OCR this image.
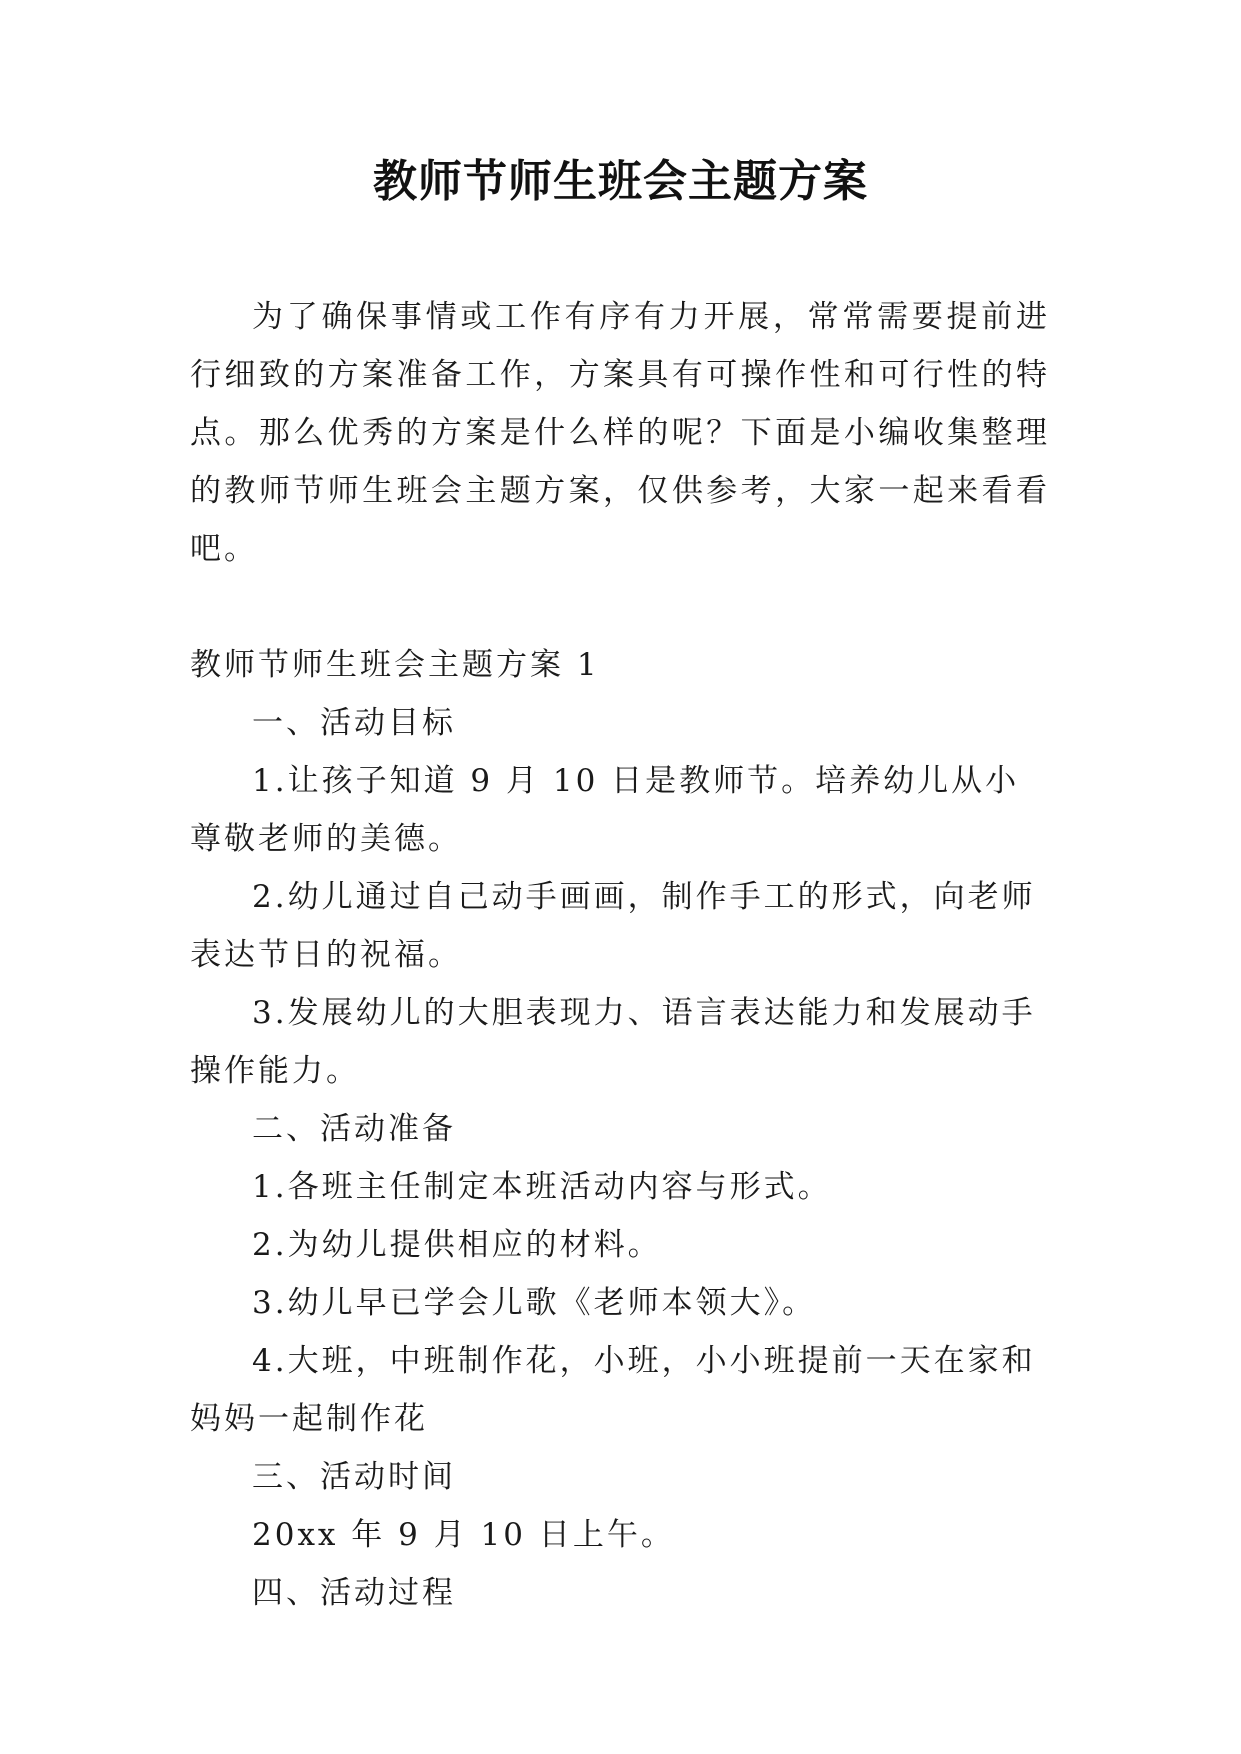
教师节师生班会主题方案

为了确保事情或工作有序有力开展，常常需要提前进行细致的方案准备工作，方案具有可操作性和可行性的特点。那么优秀的方案是什么样的呢？下面是小编收集整理的教师节师生班会主题方案，仅供参考，大家一起来看看吧。

教师节师生班会主题方案 1

一、活动目标

1.让孩子知道 9 月 10 日是教师节。培养幼儿从小尊敬老师的美德。

2.幼儿通过自己动手画画，制作手工的形式，向老师表达节日的祝福。

3.发展幼儿的大胆表现力、语言表达能力和发展动手操作能力。

二、活动准备

1.各班主任制定本班活动内容与形式。

2.为幼儿提供相应的材料。

3.幼儿早已学会儿歌《老师本领大》。

4.大班，中班制作花，小班，小小班提前一天在家和妈妈一起制作花

三、活动时间

20xx 年 9 月 10 日上午。

四、活动过程
